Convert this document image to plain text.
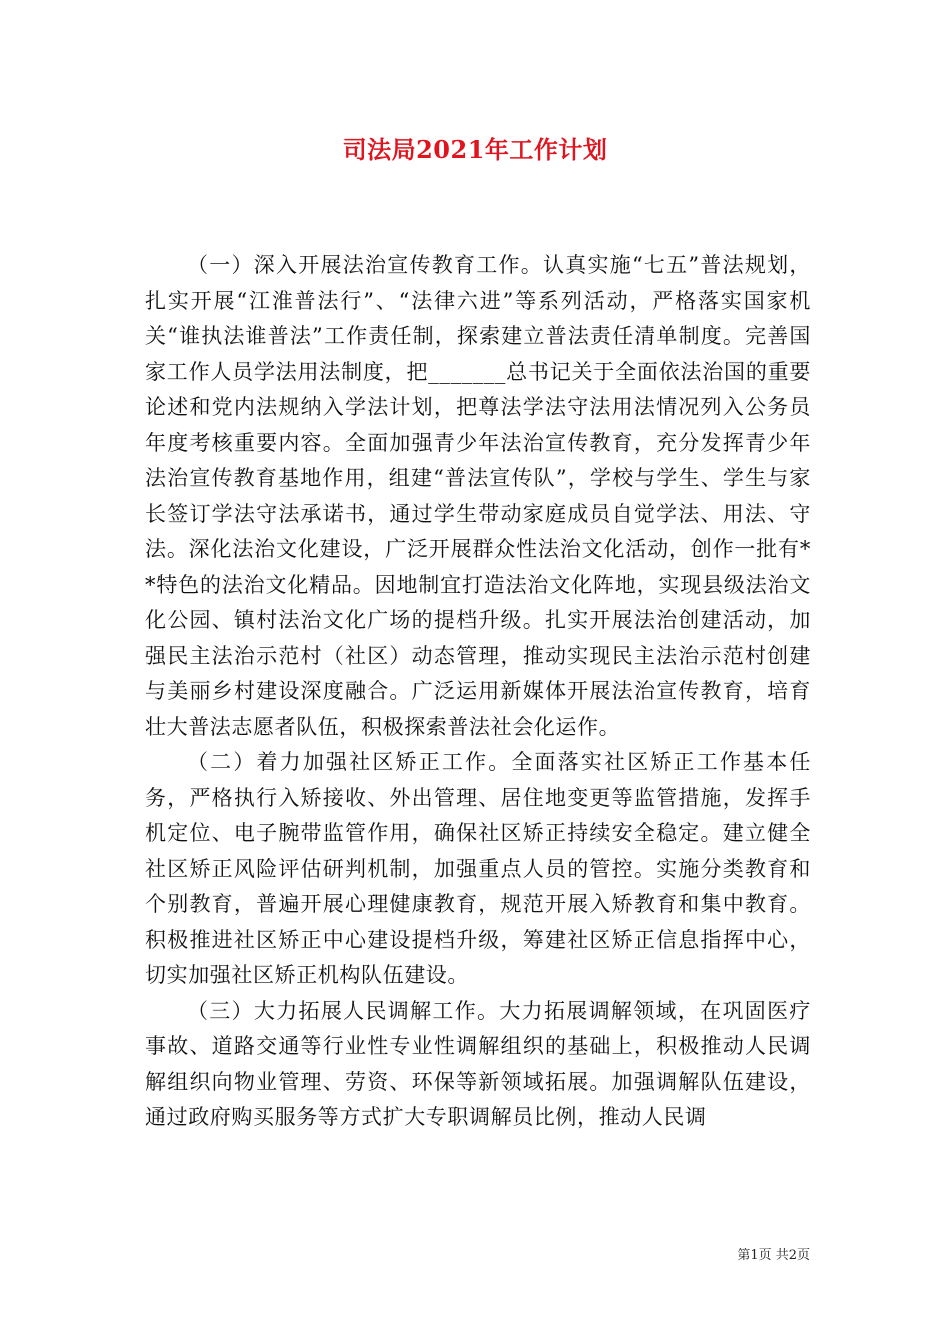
司法局2021年工作计划

（一）深入开展法治宣传教育工作。认真实施“七五”普法规划，扎实开展“江淮普法行”、“法律六进”等系列活动，严格落实国家机关“谁执法谁普法”工作责任制，探索建立普法责任清单制度。完善国家工作人员学法用法制度，把_______总书记关于全面依法治国的重要论述和党内法规纳入学法计划，把尊法学法守法用法情况列入公务员年度考核重要内容。全面加强青少年法治宣传教育，充分发挥青少年法治宣传教育基地作用，组建“普法宣传队”，学校与学生、学生与家长签订学法守法承诺书，通过学生带动家庭成员自觉学法、用法、守法。深化法治文化建设，广泛开展群众性法治文化活动，创作一批有**特色的法治文化精品。因地制宜打造法治文化阵地，实现县级法治文化公园、镇村法治文化广场的提档升级。扎实开展法治创建活动，加强民主法治示范村（社区）动态管理，推动实现民主法治示范村创建与美丽乡村建设深度融合。广泛运用新媒体开展法治宣传教育，培育壮大普法志愿者队伍，积极探索普法社会化运作。

（二）着力加强社区矫正工作。全面落实社区矫正工作基本任务，严格执行入矫接收、外出管理、居住地变更等监管措施，发挥手机定位、电子腕带监管作用，确保社区矫正持续安全稳定。建立健全社区矫正风险评估研判机制，加强重点人员的管控。实施分类教育和个别教育，普遍开展心理健康教育，规范开展入矫教育和集中教育。积极推进社区矫正中心建设提档升级，筹建社区矫正信息指挥中心，切实加强社区矫正机构队伍建设。

（三）大力拓展人民调解工作。大力拓展调解领域，在巩固医疗事故、道路交通等行业性专业性调解组织的基础上，积极推动人民调解组织向物业管理、劳资、环保等新领域拓展。加强调解队伍建设，通过政府购买服务等方式扩大专职调解员比例，推动人民调

第1页 共2页
